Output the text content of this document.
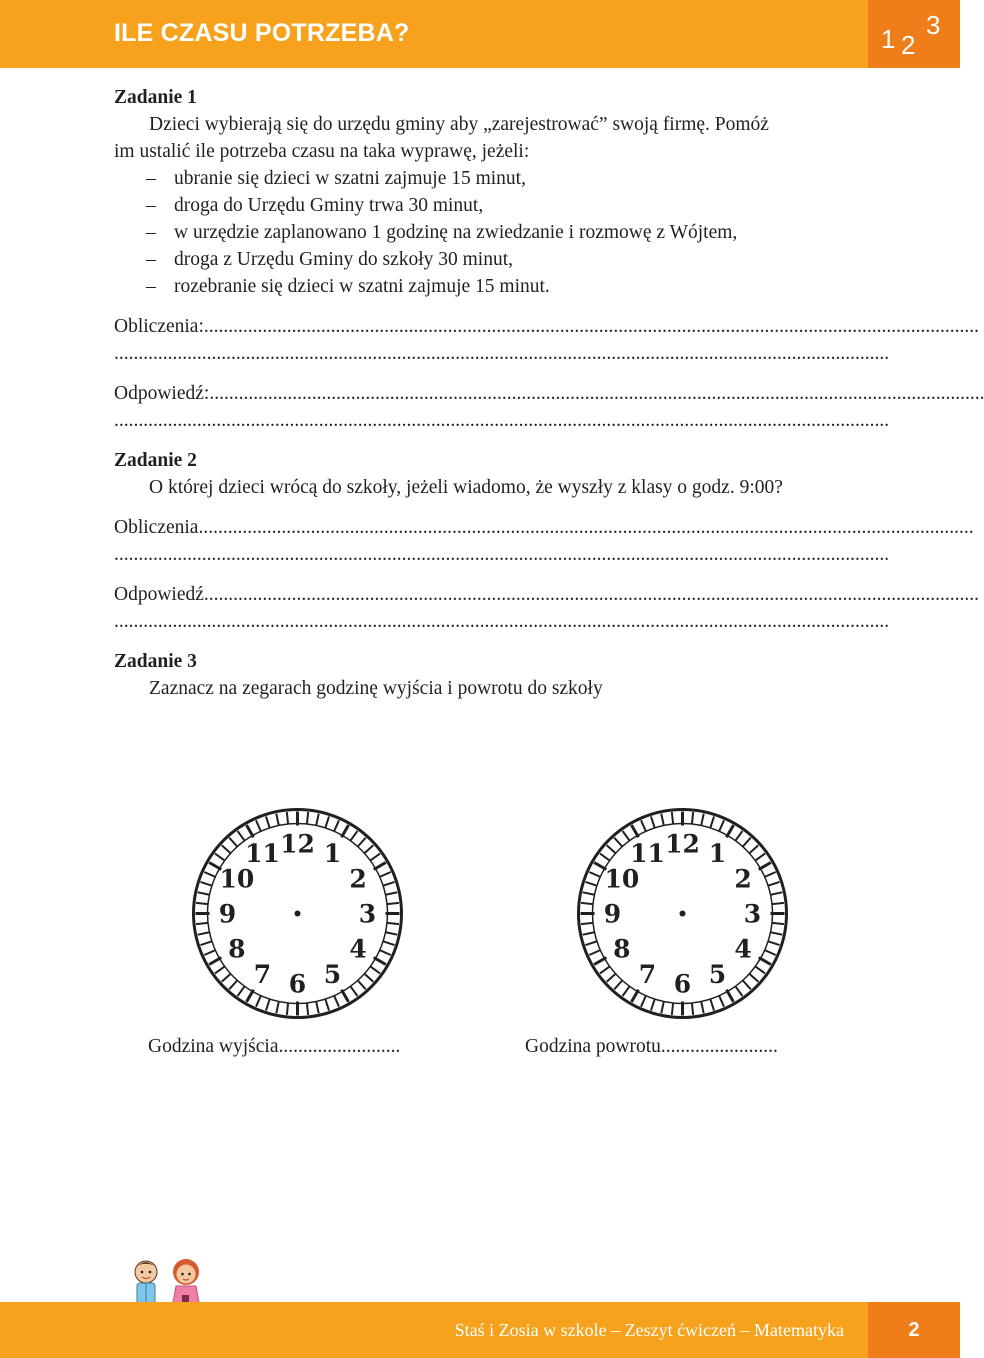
ILE CZASU POTRZEBA?	1 2
3
Zadanie 1
Dzieci wybierają się do urzędu gminy aby „zarejestrować” swoją firmę. Pomóż
im ustalić ile potrzeba czasu na taka wyprawę, jeżeli:
– ubranie się dzieci w szatni zajmuje 15 minut,
– droga do Urzędu Gminy trwa 30 minut,
– w urzędzie zaplanowano 1 godzinę na zwiedzanie i rozmowę z Wójtem,
– droga z Urzędu Gminy do szkoły 30 minut,
– rozebranie się dzieci w szatni zajmuje 15 minut.
Obliczenia:...............................................................................................................................................................
...............................................................................................................................................................
Odpowiedź:...............................................................................................................................................................
...............................................................................................................................................................
Zadanie 2
O której dzieci wrócą do szkoły, jeżeli wiadomo, że wyszły z klasy o godz. 9:00?
Obliczenia...............................................................................................................................................................
...............................................................................................................................................................
Odpowiedź...............................................................................................................................................................
...............................................................................................................................................................
Zadanie 3
Zaznacz na zegarach godzinę wyjścia i powrotu do szkoły
12 1
2
3
4
5
6
7
8
9
10
11	12 1
2
3
4
5
6
7
8
9
10
11
Godzina wyjścia.........................	Godzina powrotu........................
Staś i Zosia w szkole – Zeszyt ćwiczeń – Matematyka	2
